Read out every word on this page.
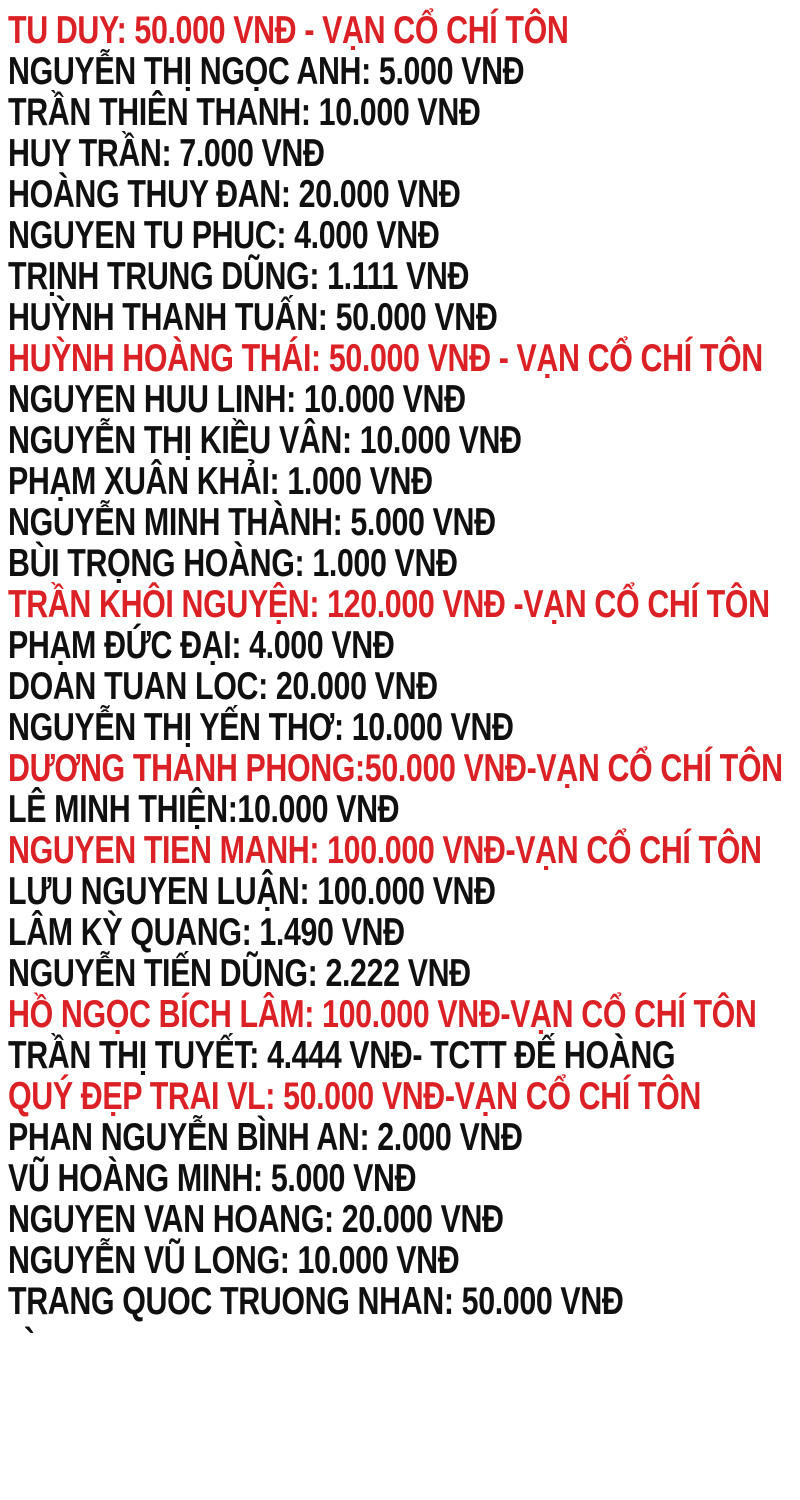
TU DUY: 50.000 VNĐ - VẠN CỔ CHÍ TÔN
NGUYỄN THỊ NGỌC ANH: 5.000 VNĐ
TRẦN THIÊN THANH: 10.000 VNĐ
HUY TRẦN: 7.000 VNĐ
HOÀNG THUY ĐAN: 20.000 VNĐ
NGUYEN TU PHUC: 4.000 VNĐ
TRỊNH TRUNG DŨNG: 1.111 VNĐ
HUỲNH THANH TUẤN: 50.000 VNĐ
HUỲNH HOÀNG THÁI: 50.000 VNĐ - VẠN CỔ CHÍ TÔN
NGUYEN HUU LINH: 10.000 VNĐ
NGUYỄN THỊ KIỀU VÂN: 10.000 VNĐ
PHẠM XUÂN KHẢI: 1.000 VNĐ
NGUYỄN MINH THÀNH: 5.000 VNĐ
BÙI TRỌNG HOÀNG: 1.000 VNĐ
TRẦN KHÔI NGUYỆN: 120.000 VNĐ -VẠN CỔ CHÍ TÔN
PHẠM ĐỨC ĐẠI: 4.000 VNĐ
DOAN TUAN LOC: 20.000 VNĐ
NGUYỄN THỊ YẾN THƠ: 10.000 VNĐ
DƯƠNG THANH PHONG:50.000 VNĐ-VẠN CỔ CHÍ TÔN
LÊ MINH THIỆN:10.000 VNĐ
NGUYEN TIEN MANH: 100.000 VNĐ-VẠN CỔ CHÍ TÔN
LƯU NGUYEN LUẬN: 100.000 VNĐ
LÂM KỲ QUANG: 1.490 VNĐ
NGUYỄN TIẾN DŨNG: 2.222 VNĐ
HỒ NGỌC BÍCH LÂM: 100.000 VNĐ-VẠN CỔ CHÍ TÔN
TRẦN THỊ TUYẾT: 4.444 VNĐ- TCTT ĐẾ HOÀNG
QUÝ ĐẸP TRAI VL: 50.000 VNĐ-VẠN CỔ CHÍ TÔN
PHAN NGUYỄN BÌNH AN: 2.000 VNĐ
VŨ HOÀNG MINH: 5.000 VNĐ
NGUYEN VAN HOANG: 20.000 VNĐ
NGUYỄN VŨ LONG: 10.000 VNĐ
TRANG QUOC TRUONG NHAN: 50.000 VNĐ
`
